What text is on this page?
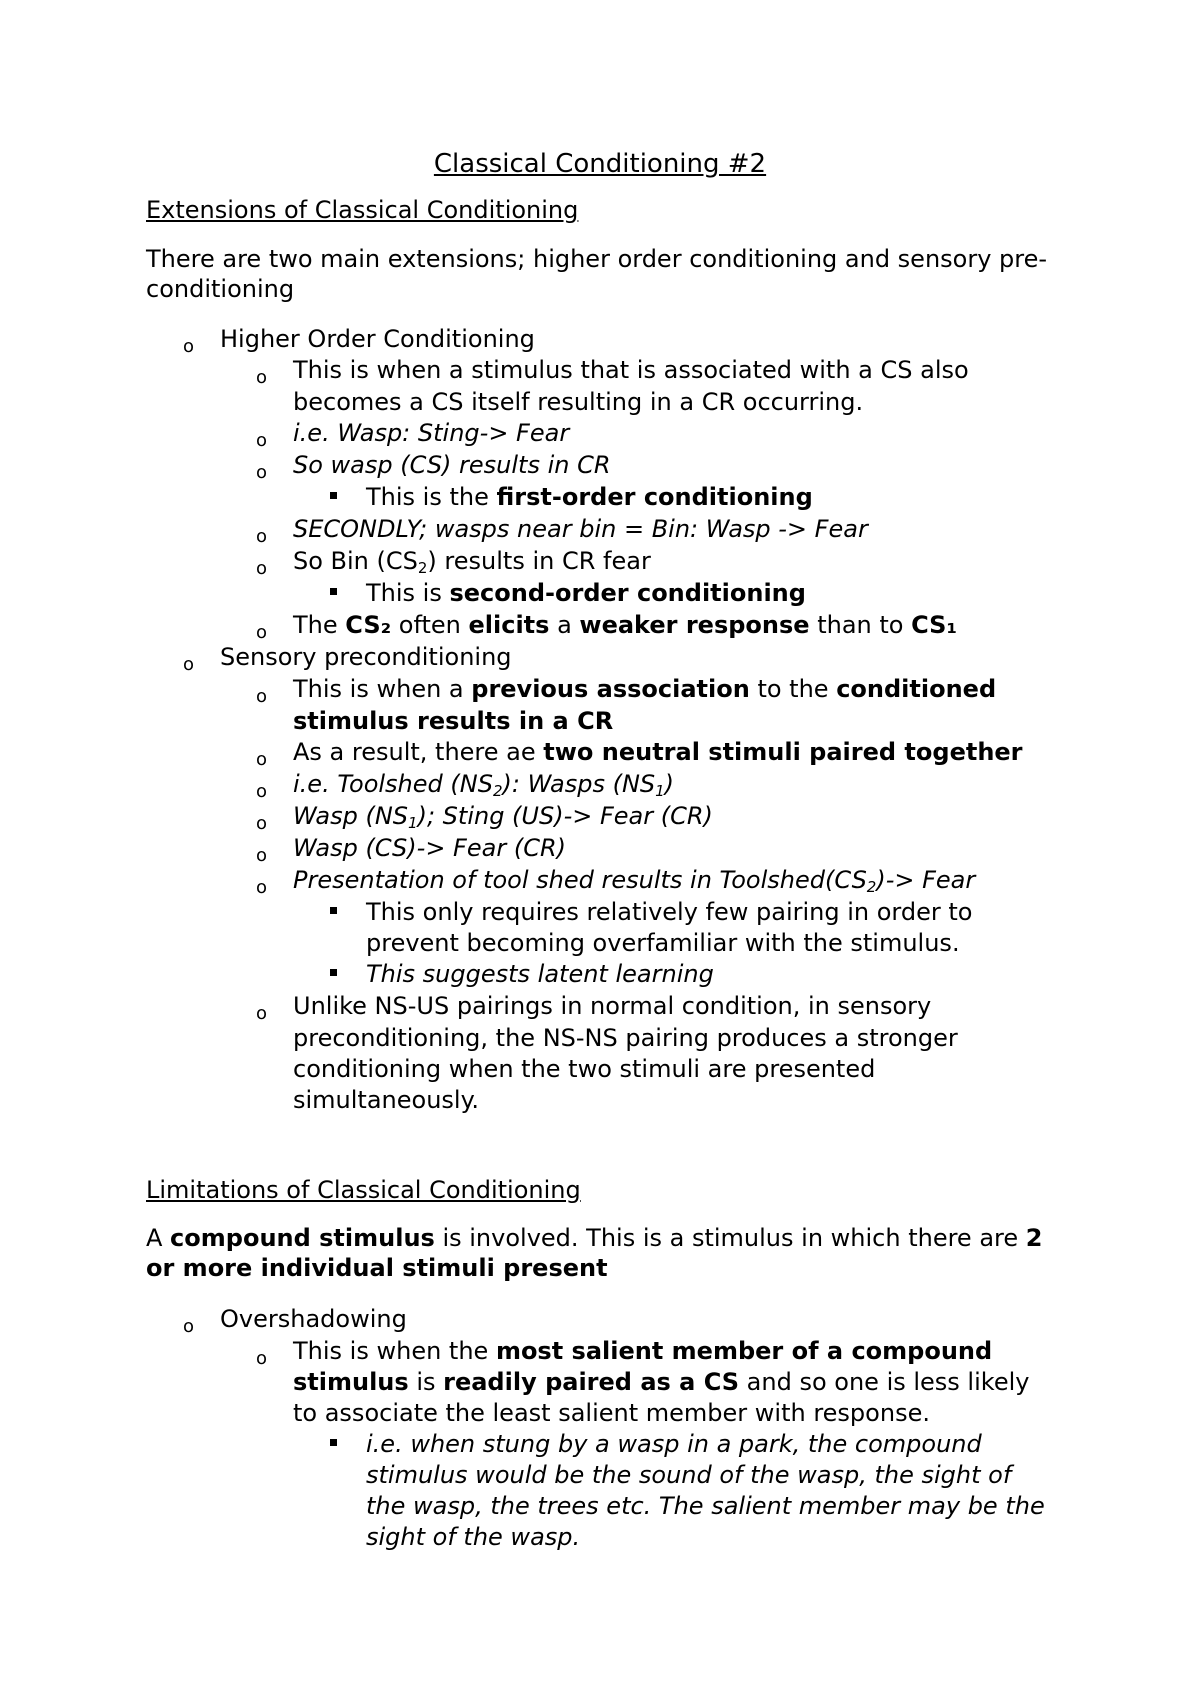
Classical Conditioning #2
Extensions of Classical Conditioning
There are two main extensions; higher order conditioning and sensory pre-
conditioning
o Higher Order Conditioning
o This is when a stimulus that is associated with a CS also
becomes a CS itself resulting in a CR occurring.
o i.e. Wasp: Sting-> Fear
o So wasp (CS) results in CR
This is the first-order conditioning
o SECONDLY; wasps near bin = Bin: Wasp -> Fear
o So Bin $(CS_2)$ results in CR fear
This is second-order conditioning
o The CS₂ often elicits a weaker response than to CS₁
o Sensory preconditioning
o This is when a previous association to the conditioned
stimulus results in a CR
o As a result, there ae two neutral stimuli paired together
o i.e. Toolshed $(NS_2)$: Wasps $(NS_1)$
o Wasp $(NS_1)$; Sting (US)-> Fear (CR)
o Wasp (CS)-> Fear (CR)
o Presentation of tool shed results in $Toolshed(CS_2)->$ Fear
This only requires relatively few pairing in order to
prevent becoming overfamiliar with the stimulus.
This suggests latent learning
o Unlike NS-US pairings in normal condition, in sensory
preconditioning, the NS-NS pairing produces a stronger
conditioning when the two stimuli are presented
simultaneously.
Limitations of Classical Conditioning
A compound stimulus is involved. This is a stimulus in which there are 2
or more individual stimuli present
o Overshadowing
o This is when the most salient member of a compound
stimulus is readily paired as a CS and so one is less likely
to associate the least salient member with response.
i.e. when stung by a wasp in a park, the compound
stimulus would be the sound of the wasp, the sight of
the wasp, the trees etc. The salient member may be the
sight of the wasp.
